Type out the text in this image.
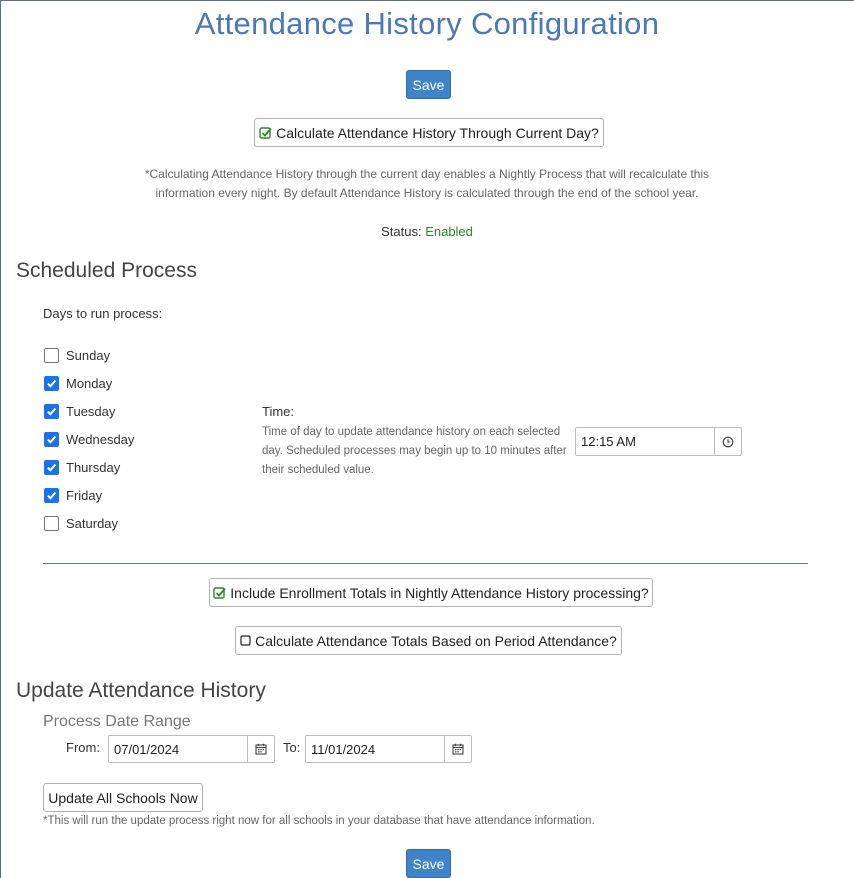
Attendance History Configuration
Save
Calculate Attendance History Through Current Day?
*Calculating Attendance History through the current day enables a Nightly Process that will recalculate this
information every night. By default Attendance History is calculated through the end of the school year.
Status: Enabled
Scheduled Process
Days to run process:
Sunday
Monday
Tuesday
Wednesday
Thursday
Friday
Saturday
Time:
Time of day to update attendance history on each selected day. Scheduled processes may begin up to 10 minutes after their scheduled value.
12:15 AM
Include Enrollment Totals in Nightly Attendance History processing?
Calculate Attendance Totals Based on Period Attendance?
Update Attendance History
Process Date Range
From:	07/01/2024	To: 11/01/2024
Update All Schools Now
*This will run the update process right now for all schools in your database that have attendance information.
Save
